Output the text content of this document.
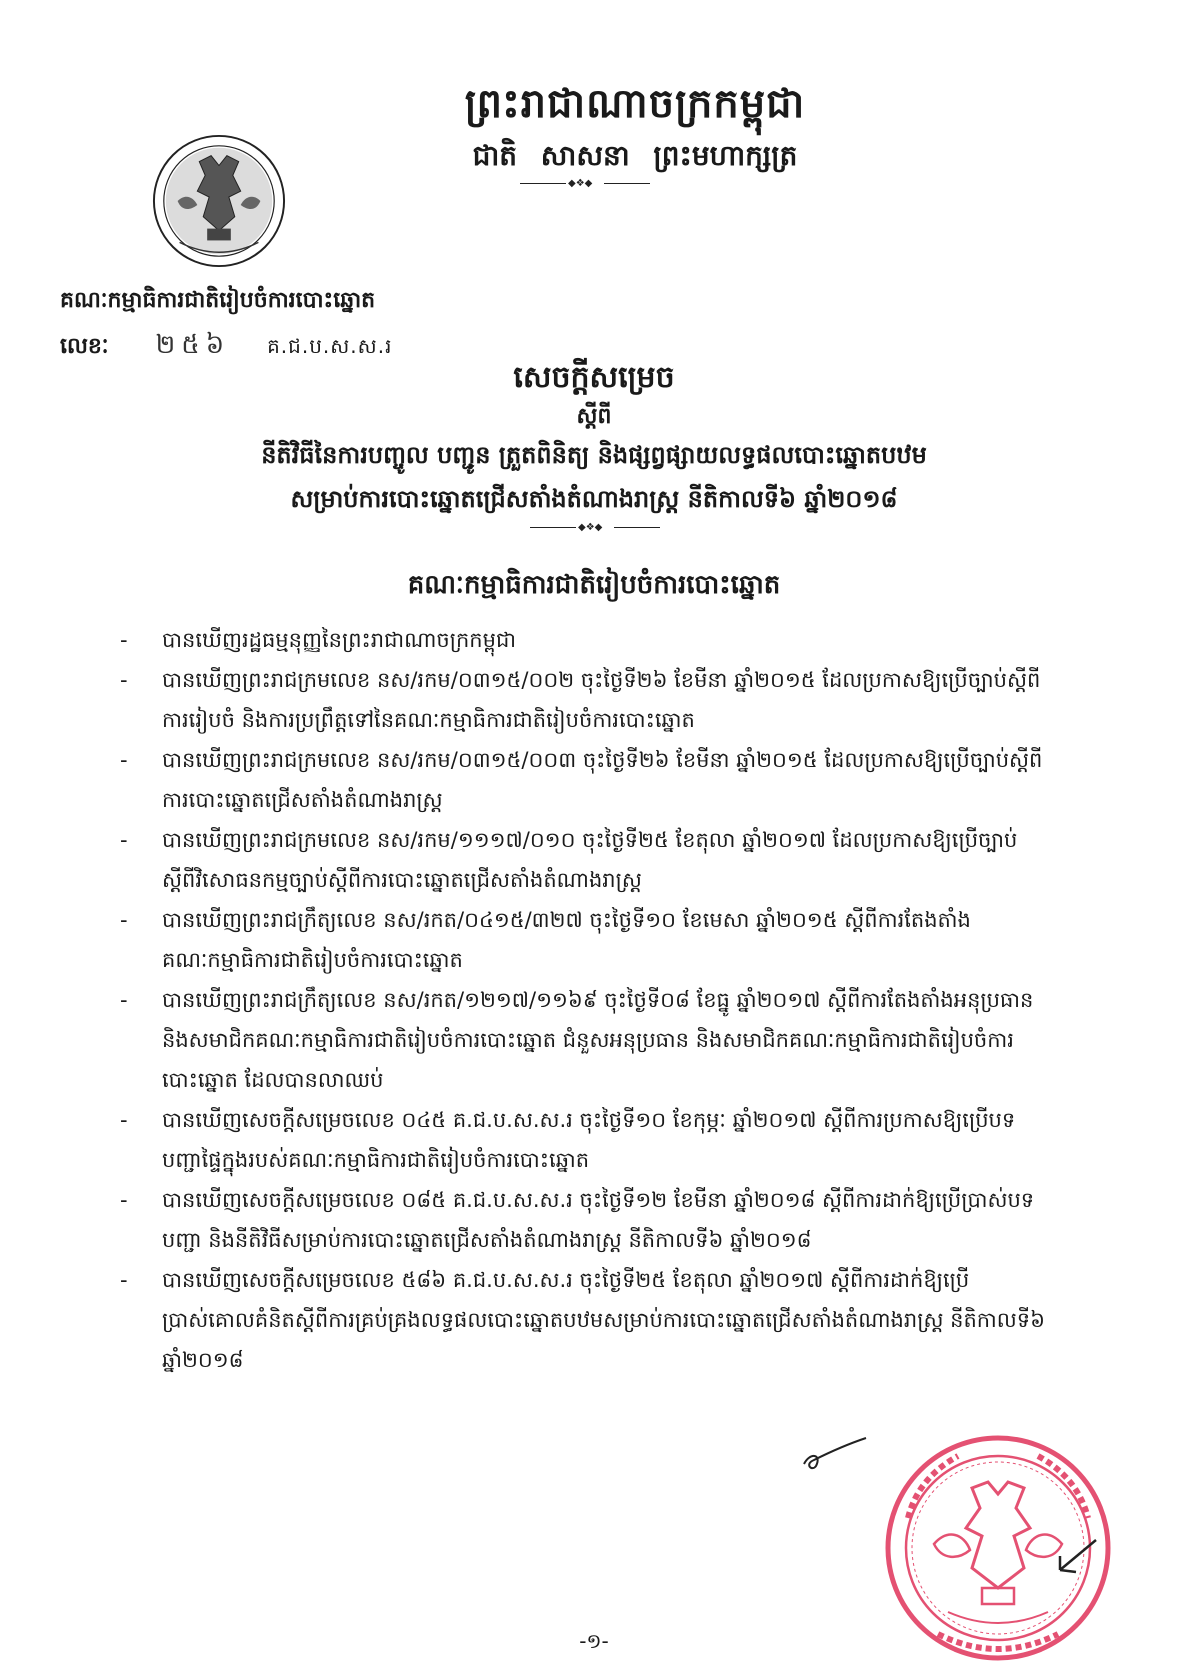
ព្រះរាជាណាចក្រកម្ពុជា
ជាតិ សាសនា ព្រះមហាក្សត្រ
◆❖◆
គណៈកម្មាធិការជាតិរៀបចំការបោះឆ្នោត
លេខៈ ២៥៦ គ.ជ.ប.ស.ស.រ
សេចក្តីសម្រេច
ស្តីពី
នីតិវិធីនៃការបញ្ចូល បញ្ជូន ត្រួតពិនិត្យ និងផ្សព្វផ្សាយលទ្ធផលបោះឆ្នោតបឋម
សម្រាប់ការបោះឆ្នោតជ្រើសតាំងតំណាងរាស្ត្រ នីតិកាលទី៦ ឆ្នាំ២០១៨
◆❖◆
គណៈកម្មាធិការជាតិរៀបចំការបោះឆ្នោត
- បានឃើញរដ្ឋធម្មនុញ្ញនៃព្រះរាជាណាចក្រកម្ពុជា
- បានឃើញព្រះរាជក្រមលេខ នស/រកម/០៣១៥/០០២ ចុះថ្ងៃទី២៦ ខែមីនា ឆ្នាំ២០១៥ ដែលប្រកាសឱ្យប្រើច្បាប់ស្តីពីការរៀបចំ និងការប្រព្រឹត្តទៅនៃគណៈកម្មាធិការជាតិរៀបចំការបោះឆ្នោត
- បានឃើញព្រះរាជក្រមលេខ នស/រកម/០៣១៥/០០៣ ចុះថ្ងៃទី២៦ ខែមីនា ឆ្នាំ២០១៥ ដែលប្រកាសឱ្យប្រើច្បាប់ស្តីពីការបោះឆ្នោតជ្រើសតាំងតំណាងរាស្ត្រ
- បានឃើញព្រះរាជក្រមលេខ នស/រកម/១១១៧/០១០ ចុះថ្ងៃទី២៥ ខែតុលា ឆ្នាំ២០១៧ ដែលប្រកាសឱ្យប្រើច្បាប់ស្តីពីវិសោធនកម្មច្បាប់ស្តីពីការបោះឆ្នោតជ្រើសតាំងតំណាងរាស្ត្រ
- បានឃើញព្រះរាជក្រឹត្យលេខ នស/រកត/០៤១៥/៣២៧ ចុះថ្ងៃទី១០ ខែមេសា ឆ្នាំ២០១៥ ស្តីពីការតែងតាំងគណៈកម្មាធិការជាតិរៀបចំការបោះឆ្នោត
- បានឃើញព្រះរាជក្រឹត្យលេខ នស/រកត/១២១៧/១១៦៩ ចុះថ្ងៃទី០៨ ខែធ្នូ ឆ្នាំ២០១៧ ស្តីពីការតែងតាំងអនុប្រធាន និងសមាជិកគណៈកម្មាធិការជាតិរៀបចំការបោះឆ្នោត ជំនួសអនុប្រធាន និងសមាជិកគណៈកម្មាធិការជាតិរៀបចំការបោះឆ្នោត ដែលបានលាឈប់
- បានឃើញសេចក្តីសម្រេចលេខ ០៤៥ គ.ជ.ប.ស.ស.រ ចុះថ្ងៃទី១០ ខែកុម្ភៈ ឆ្នាំ២០១៧ ស្តីពីការប្រកាសឱ្យប្រើបទបញ្ជាផ្ទៃក្នុងរបស់គណៈកម្មាធិការជាតិរៀបចំការបោះឆ្នោត
- បានឃើញសេចក្តីសម្រេចលេខ ០៨៥ គ.ជ.ប.ស.ស.រ ចុះថ្ងៃទី១២ ខែមីនា ឆ្នាំ២០១៨ ស្តីពីការដាក់ឱ្យប្រើប្រាស់បទបញ្ជា និងនីតិវិធីសម្រាប់ការបោះឆ្នោតជ្រើសតាំងតំណាងរាស្ត្រ នីតិកាលទី៦ ឆ្នាំ២០១៨
- បានឃើញសេចក្តីសម្រេចលេខ ៥៨៦ គ.ជ.ប.ស.ស.រ ចុះថ្ងៃទី២៥ ខែតុលា ឆ្នាំ២០១៧ ស្តីពីការដាក់ឱ្យប្រើប្រាស់គោលគំនិតស្តីពីការគ្រប់គ្រងលទ្ធផលបោះឆ្នោតបឋមសម្រាប់ការបោះឆ្នោតជ្រើសតាំងតំណាងរាស្ត្រ នីតិកាលទី៦ ឆ្នាំ២០១៨
-១-
